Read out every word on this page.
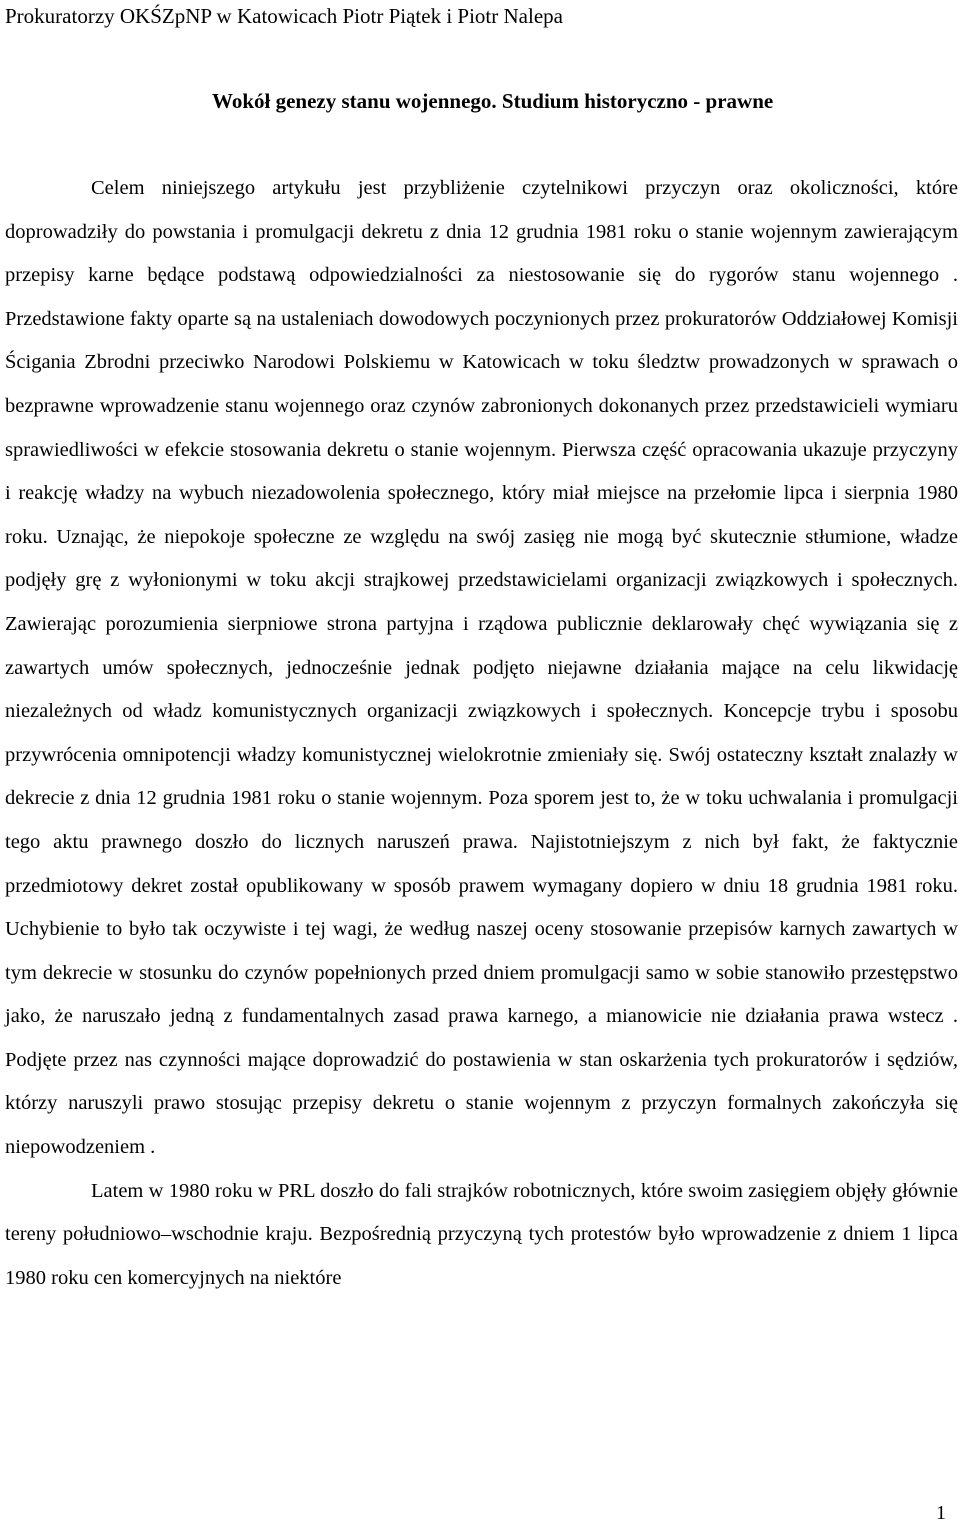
Prokuratorzy OKŚZpNP w Katowicach Piotr Piątek i Piotr Nalepa
Wokół genezy stanu wojennego. Studium historyczno - prawne

Celem niniejszego artykułu jest przybliżenie czytelnikowi przyczyn oraz okoliczności, które doprowadziły do powstania i promulgacji dekretu z dnia 12 grudnia 1981 roku o stanie wojennym zawierającym przepisy karne będące podstawą odpowiedzialności za niestosowanie się do rygorów stanu wojennego . Przedstawione fakty oparte są na ustaleniach dowodowych poczynionych przez prokuratorów Oddziałowej Komisji Ścigania Zbrodni przeciwko Narodowi Polskiemu w Katowicach w toku śledztw prowadzonych w sprawach o bezprawne wprowadzenie stanu wojennego oraz czynów zabronionych dokonanych przez przedstawicieli wymiaru sprawiedliwości w efekcie stosowania dekretu o stanie wojennym. Pierwsza część opracowania ukazuje przyczyny i reakcję władzy na wybuch niezadowolenia społecznego, który miał miejsce na przełomie lipca i sierpnia 1980 roku. Uznając, że niepokoje społeczne ze względu na swój zasięg nie mogą być skutecznie stłumione, władze podjęły grę z wyłonionymi w toku akcji strajkowej przedstawicielami organizacji związkowych i społecznych. Zawierając porozumienia sierpniowe strona partyjna i rządowa publicznie deklarowały chęć wywiązania się z zawartych umów społecznych, jednocześnie jednak podjęto niejawne działania mające na celu likwidację niezależnych od władz komunistycznych organizacji związkowych i społecznych. Koncepcje trybu i sposobu przywrócenia omnipotencji władzy komunistycznej wielokrotnie zmieniały się. Swój ostateczny kształt znalazły w dekrecie z dnia 12 grudnia 1981 roku o stanie wojennym. Poza sporem jest to, że w toku uchwalania i promulgacji tego aktu prawnego doszło do licznych naruszeń prawa. Najistotniejszym z nich był fakt, że faktycznie przedmiotowy dekret został opublikowany w sposób prawem wymagany dopiero w dniu 18 grudnia 1981 roku. Uchybienie to było tak oczywiste i tej wagi, że według naszej oceny stosowanie przepisów karnych zawartych w tym dekrecie w stosunku do czynów popełnionych przed dniem promulgacji samo w sobie stanowiło przestępstwo jako, że naruszało jedną z fundamentalnych zasad prawa karnego, a mianowicie nie działania prawa wstecz . Podjęte przez nas czynności mające doprowadzić do postawienia w stan oskarżenia tych prokuratorów i sędziów, którzy naruszyli prawo stosując przepisy dekretu o stanie wojennym z przyczyn formalnych zakończyła się niepowodzeniem .

Latem w 1980 roku w PRL doszło do fali strajków robotnicznych, które swoim zasięgiem objęły głównie tereny południowo–wschodnie kraju. Bezpośrednią przyczyną tych protestów było wprowadzenie z dniem 1 lipca 1980 roku cen komercyjnych na niektóre

1
